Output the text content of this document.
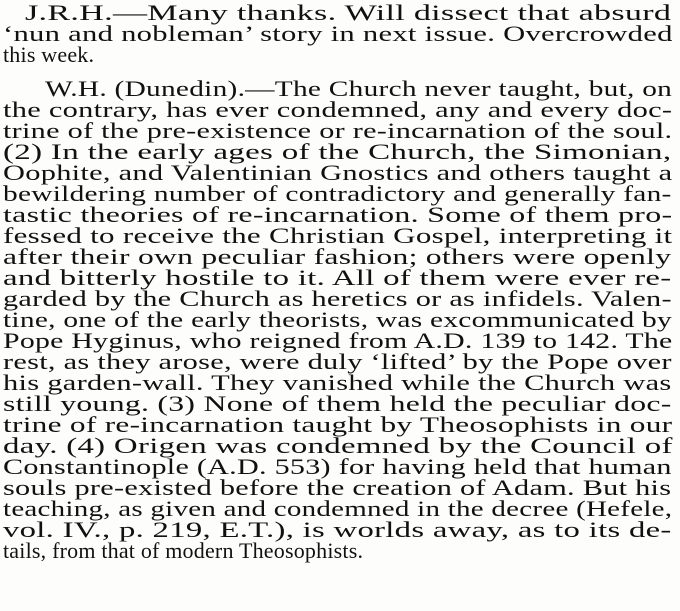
J.R.H.—Many thanks. Will dissect that absurd
‘nun and nobleman’ story in next issue. Overcrowded
this week.
W.H. (Dunedin).—The Church never taught, but, on
the contrary, has ever condemned, any and every doc-
trine of the pre-existence or re-incarnation of the soul.
(2) In the early ages of the Church, the Simonian,
Oophite, and Valentinian Gnostics and others taught a
bewildering number of contradictory and generally fan-
tastic theories of re-incarnation. Some of them pro-
fessed to receive the Christian Gospel, interpreting it
after their own peculiar fashion; others were openly
and bitterly hostile to it. All of them were ever re-
garded by the Church as heretics or as infidels. Valen-
tine, one of the early theorists, was excommunicated by
Pope Hyginus, who reigned from A.D. 139 to 142. The
rest, as they arose, were duly ‘lifted’ by the Pope over
his garden-wall. They vanished while the Church was
still young. (3) None of them held the peculiar doc-
trine of re-incarnation taught by Theosophists in our
day. (4) Origen was condemned by the Council of
Constantinople (A.D. 553) for having held that human
souls pre-existed before the creation of Adam. But his
teaching, as given and condemned in the decree (Hefele,
vol. IV., p. 219, E.T.), is worlds away, as to its de-
tails, from that of modern Theosophists.
